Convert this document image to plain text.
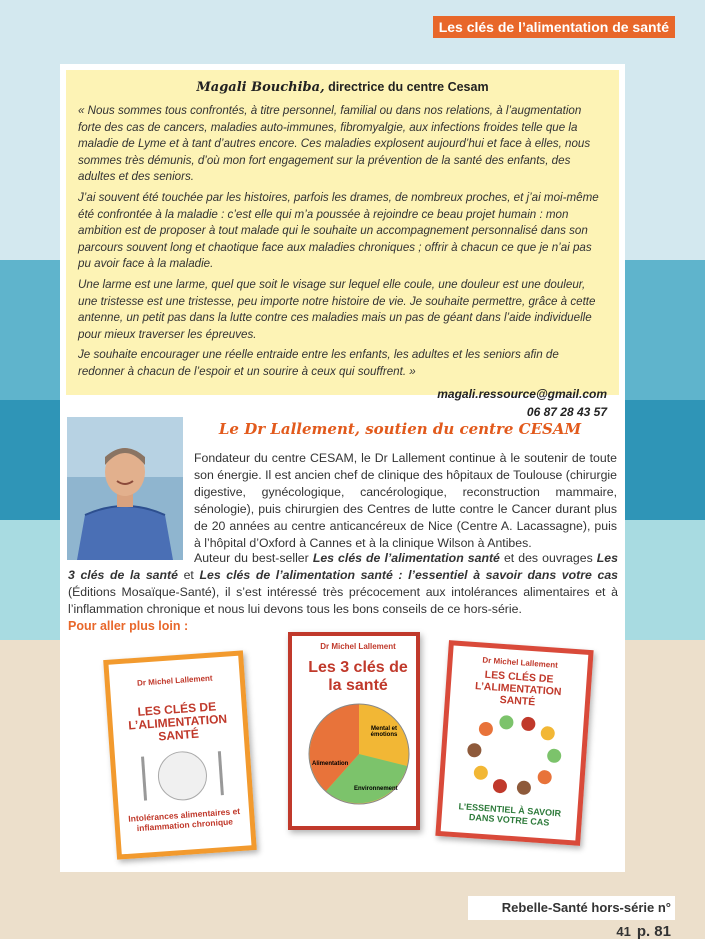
Les clés de l’alimentation de santé
Magali Bouchiba, directrice du centre Cesam

« Nous sommes tous confrontés, à titre personnel, familial ou dans nos relations, à l’augmentation forte des cas de cancers, maladies auto-immunes, fibromyalgie, aux infections froides telle que la maladie de Lyme et à tant d’autres encore. Ces maladies explosent aujourd’hui et face à elles, nous sommes très démunis, d’où mon fort engagement sur la prévention de la santé des enfants, des adultes et des seniors.

J’ai souvent été touchée par les histoires, parfois les drames, de nombreux proches, et j’ai moi-même été confrontée à la maladie : c’est elle qui m’a poussée à rejoindre ce beau projet humain : mon ambition est de proposer à tout malade qui le souhaite un accompagnement personnalisé dans son parcours souvent long et chaotique face aux maladies chroniques ; offrir à chacun ce que je n’ai pas pu avoir face à la maladie.

Une larme est une larme, quel que soit le visage sur lequel elle coule, une douleur est une douleur, une tristesse est une tristesse, peu importe notre histoire de vie. Je souhaite permettre, grâce à cette antenne, un petit pas dans la lutte contre ces maladies mais un pas de géant dans l’aide individuelle pour mieux traverser les épreuves.

Je souhaite encourager une réelle entraide entre les enfants, les adultes et les seniors afin de redonner à chacun de l’espoir et un sourire à ceux qui souffrent. »

magali.ressource@gmail.com
06 87 28 43 57
Le Dr Lallement, soutien du centre CESAM
Fondateur du centre CESAM, le Dr Lallement continue à le soutenir de toute son énergie. Il est ancien chef de clinique des hôpitaux de Toulouse (chirurgie digestive, gynécologique, cancérologique, reconstruction mammaire, sénologie), puis chirurgien des Centres de lutte contre le Cancer durant plus de 20 années au centre anticancéreux de Nice (Centre A. Lacassagne), puis à l’hôpital d’Oxford à Cannes et à la clinique Wilson à Antibes.
Auteur du best-seller Les clés de l’alimentation santé et des ouvrages Les 3 clés de la santé et Les clés de l’alimentation santé : l’essentiel à savoir dans votre cas (Éditions Mosaïque-Santé), il s’est intéressé très précocement aux intolérances alimentaires et à l’inflammation chronique et nous lui devons tous les bons conseils de ce hors-série.
Pour aller plus loin :
Dr Michel Lallement
LES CLÉS DE L’ALIMENTATION SANTÉ
Intolérances alimentaires et inflammation chronique
Dr Michel Lallement
Les 3 clés de la santé
Mental et émotions
Alimentation
Environnement
Dr Michel Lallement
LES CLÉS DE L’ALIMENTATION SANTÉ
L’ESSENTIEL À SAVOIR DANS VOTRE CAS
Rebelle-Santé hors-série n° 41 p. 81
